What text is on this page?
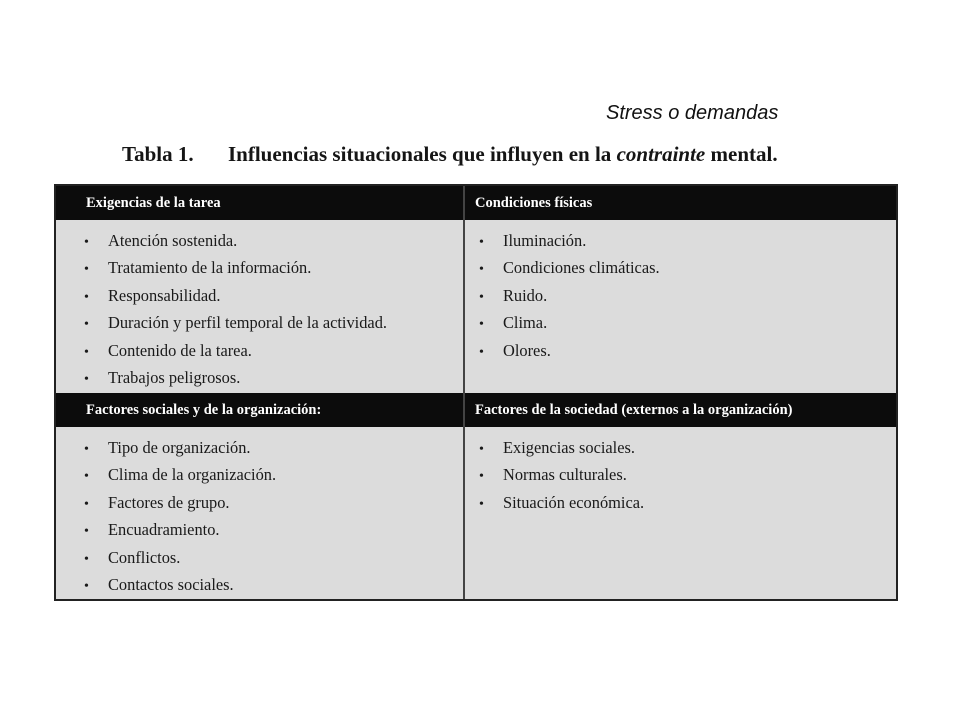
Stress o demandas
Tabla 1. Influencias situacionales que influyen en la contrainte mental.
Exigencias de la tarea	Condiciones físicas
• Atención sostenida.
• Tratamiento de la información.
• Responsabilidad.
• Duración y perfil temporal de la actividad.
• Contenido de la tarea.
• Trabajos peligrosos.
• Iluminación.
• Condiciones climáticas.
• Ruido.
• Clima.
• Olores.
Factores sociales y de la organización:	Factores de la sociedad (externos a la organización)
• Tipo de organización.
• Clima de la organización.
• Factores de grupo.
• Encuadramiento.
• Conflictos.
• Contactos sociales.
• Exigencias sociales.
• Normas culturales.
• Situación económica.
